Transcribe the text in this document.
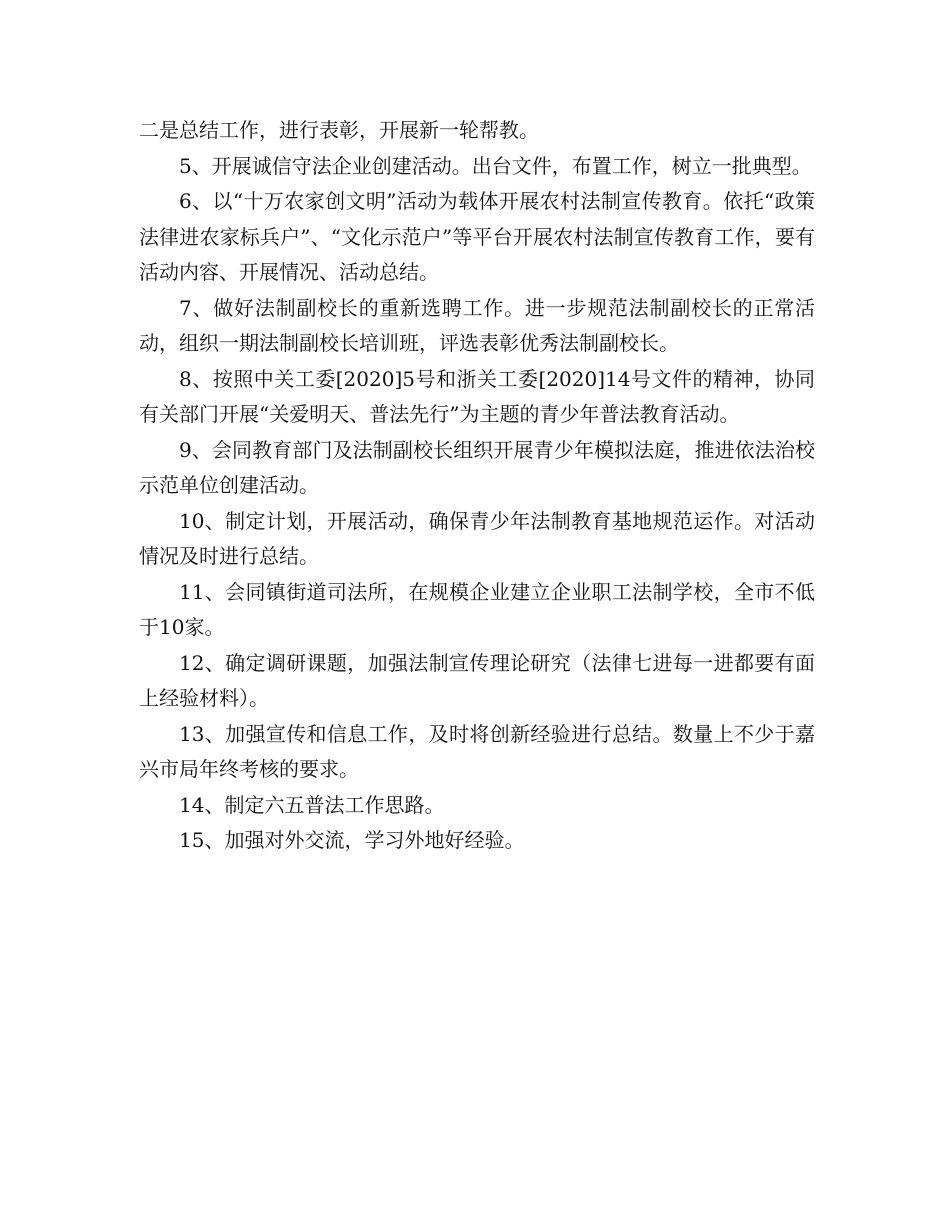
二是总结工作，进行表彰，开展新一轮帮教。

5、开展诚信守法企业创建活动。出台文件，布置工作，树立一批典型。

6、以“十万农家创文明”活动为载体开展农村法制宣传教育。依托“政策法律进农家标兵户”、“文化示范户”等平台开展农村法制宣传教育工作，要有活动内容、开展情况、活动总结。

7、做好法制副校长的重新选聘工作。进一步规范法制副校长的正常活动，组织一期法制副校长培训班，评选表彰优秀法制副校长。

8、按照中关工委[2020]5号和浙关工委[2020]14号文件的精神，协同有关部门开展“关爱明天、普法先行”为主题的青少年普法教育活动。

9、会同教育部门及法制副校长组织开展青少年模拟法庭，推进依法治校示范单位创建活动。

10、制定计划，开展活动，确保青少年法制教育基地规范运作。对活动情况及时进行总结。

11、会同镇街道司法所，在规模企业建立企业职工法制学校，全市不低于10家。

12、确定调研课题，加强法制宣传理论研究（法律七进每一进都要有面上经验材料）。

13、加强宣传和信息工作，及时将创新经验进行总结。数量上不少于嘉兴市局年终考核的要求。

14、制定六五普法工作思路。

15、加强对外交流，学习外地好经验。
